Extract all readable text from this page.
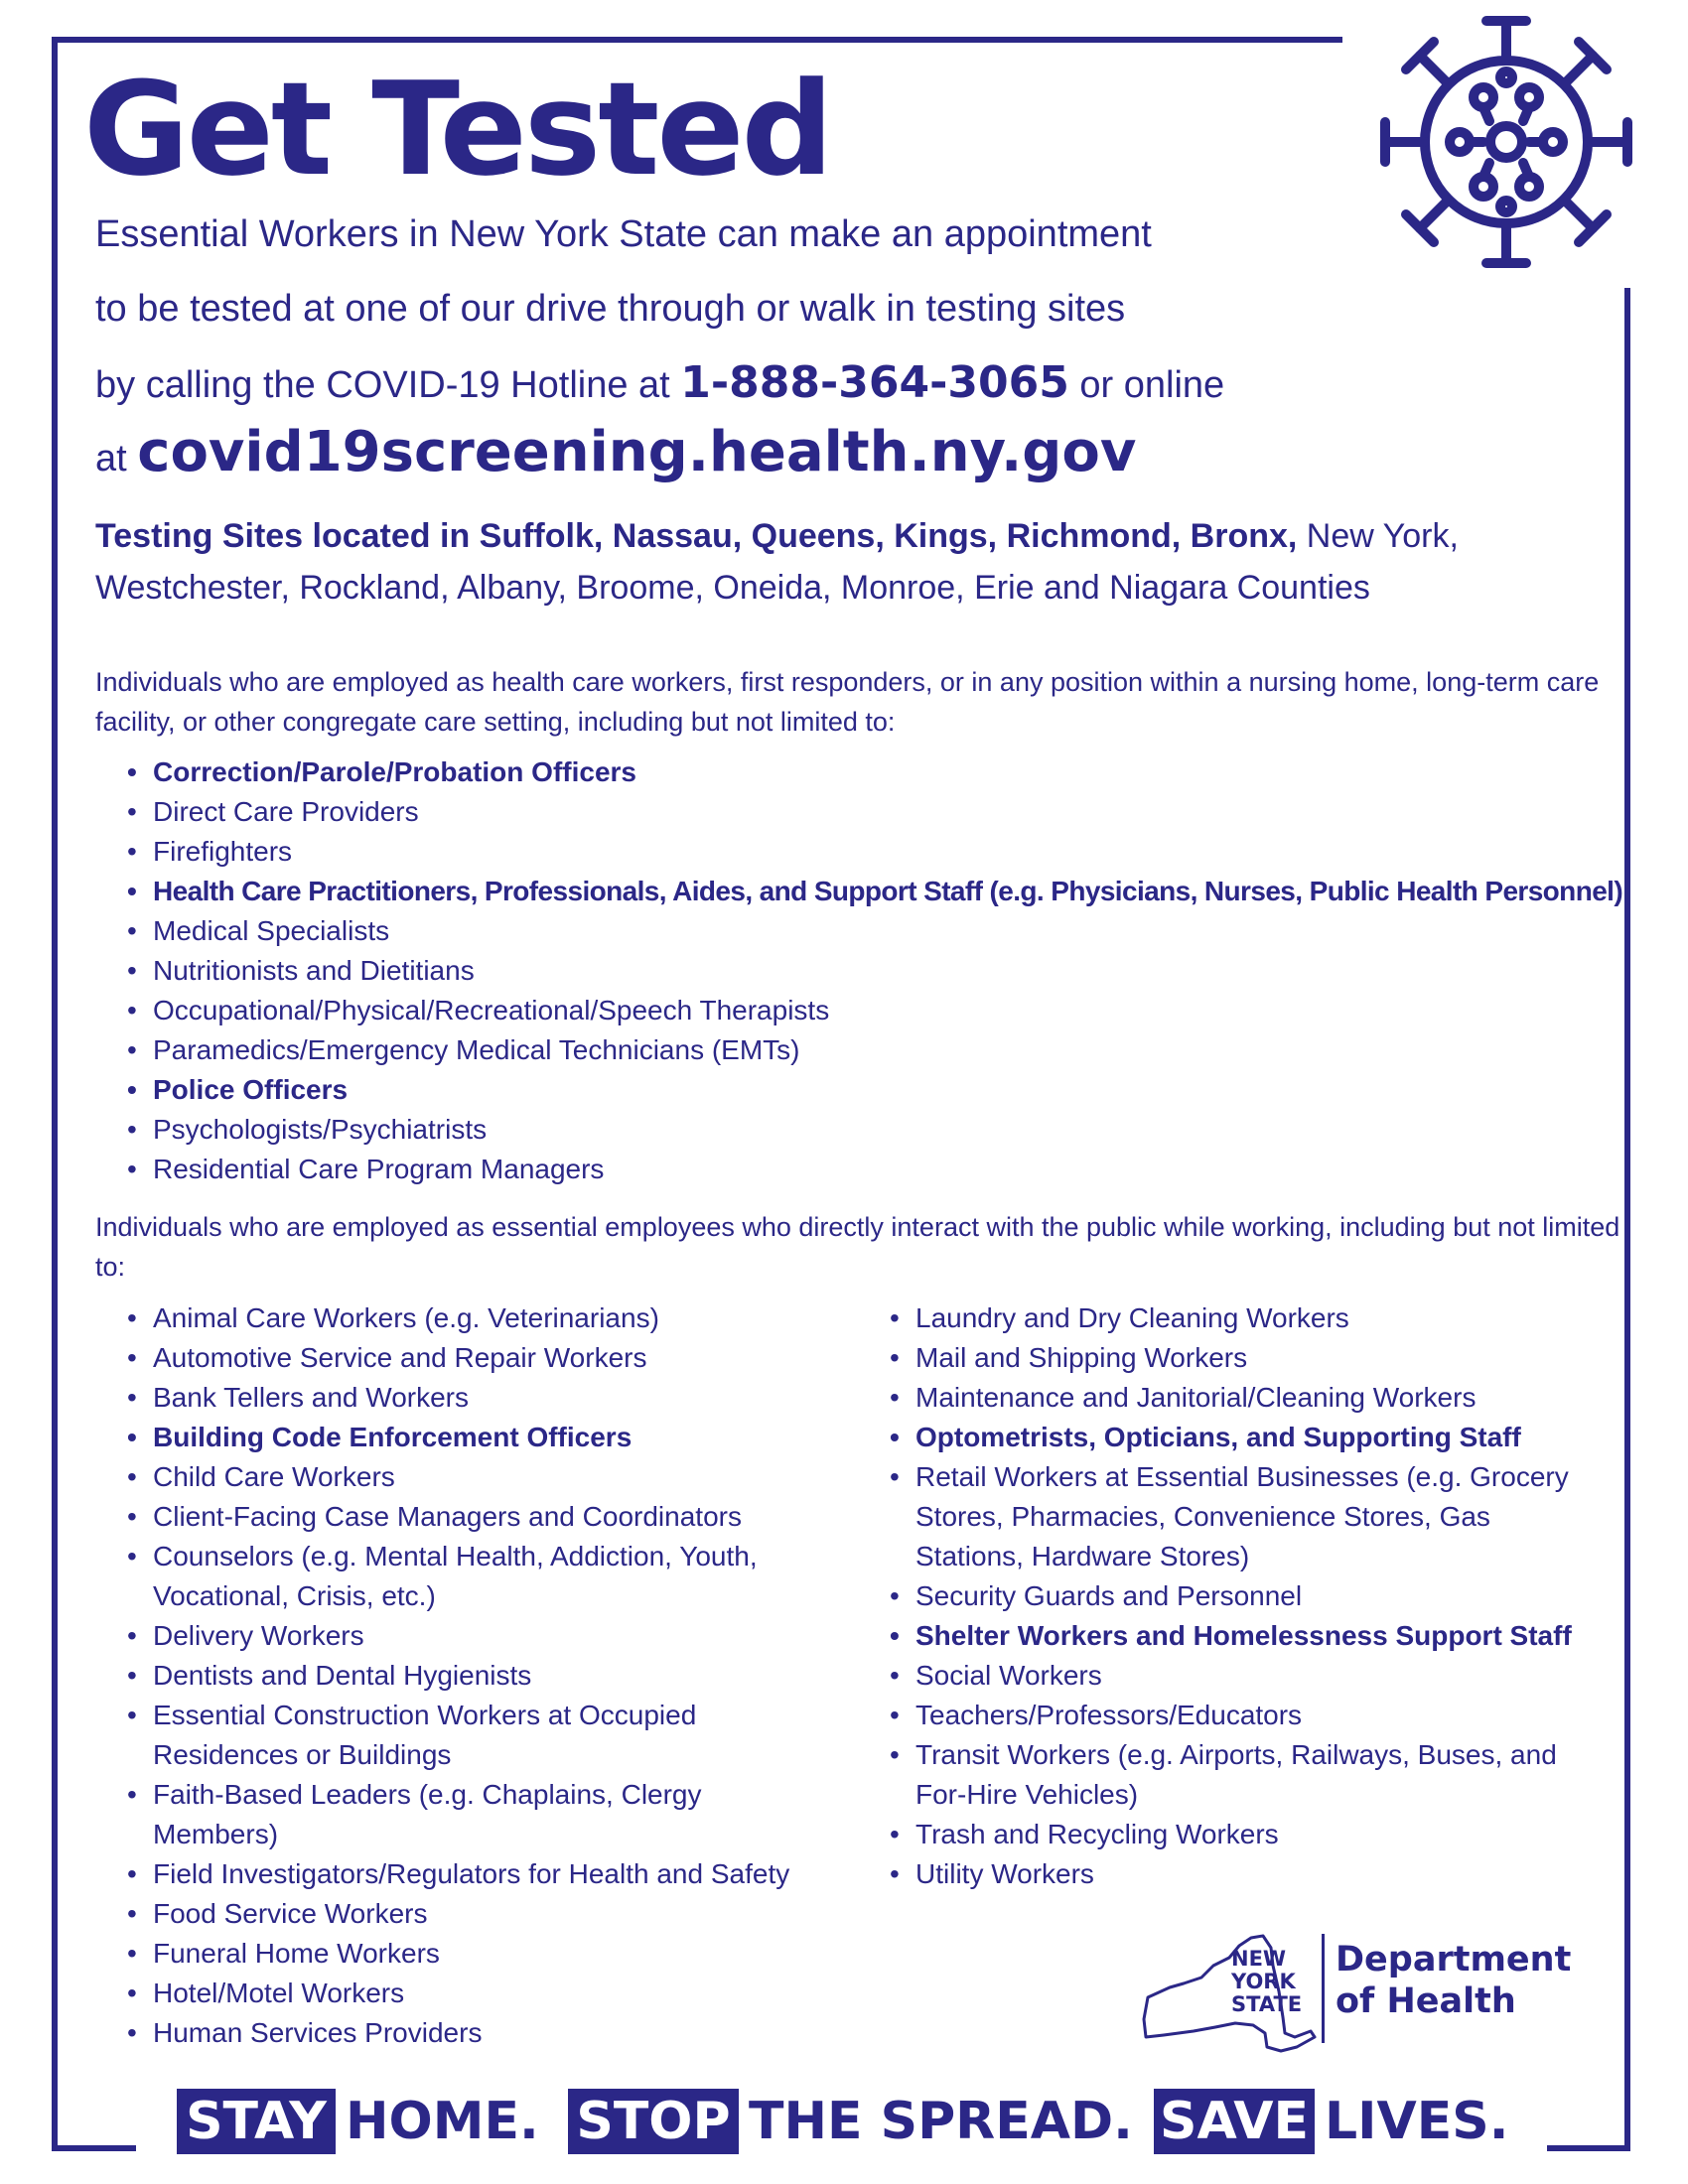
Get Tested
Essential Workers in New York State can make an appointment
to be tested at one of our drive through or walk in testing sites
by calling the COVID-19 Hotline at 1-888-364-3065 or online
at covid19screening.health.ny.gov
Testing Sites located in Suffolk, Nassau, Queens, Kings, Richmond, Bronx, New York, Westchester, Rockland, Albany, Broome, Oneida, Monroe, Erie and Niagara Counties
Individuals who are employed as health care workers, first responders, or in any position within a nursing home, long-term care facility, or other congregate care setting, including but not limited to:
• Correction/Parole/Probation Officers
• Direct Care Providers
• Firefighters
• Health Care Practitioners, Professionals, Aides, and Support Staff (e.g. Physicians, Nurses, Public Health Personnel)
• Medical Specialists
• Nutritionists and Dietitians
• Occupational/Physical/Recreational/Speech Therapists
• Paramedics/Emergency Medical Technicians (EMTs)
• Police Officers
• Psychologists/Psychiatrists
• Residential Care Program Managers
Individuals who are employed as essential employees who directly interact with the public while working, including but not limited to:
• Animal Care Workers (e.g. Veterinarians)
• Automotive Service and Repair Workers
• Bank Tellers and Workers
• Building Code Enforcement Officers
• Child Care Workers
• Client-Facing Case Managers and Coordinators
• Counselors (e.g. Mental Health, Addiction, Youth, Vocational, Crisis, etc.)
• Delivery Workers
• Dentists and Dental Hygienists
• Essential Construction Workers at Occupied Residences or Buildings
• Faith-Based Leaders (e.g. Chaplains, Clergy Members)
• Field Investigators/Regulators for Health and Safety
• Food Service Workers
• Funeral Home Workers
• Hotel/Motel Workers
• Human Services Providers
• Laundry and Dry Cleaning Workers
• Mail and Shipping Workers
• Maintenance and Janitorial/Cleaning Workers
• Optometrists, Opticians, and Supporting Staff
• Retail Workers at Essential Businesses (e.g. Grocery Stores, Pharmacies, Convenience Stores, Gas Stations, Hardware Stores)
• Security Guards and Personnel
• Shelter Workers and Homelessness Support Staff
• Social Workers
• Teachers/Professors/Educators
• Transit Workers (e.g. Airports, Railways, Buses, and For-Hire Vehicles)
• Trash and Recycling Workers
• Utility Workers
NEW
YORK
STATE
Department
of Health
STAY HOME. STOP THE SPREAD. SAVE LIVES.
